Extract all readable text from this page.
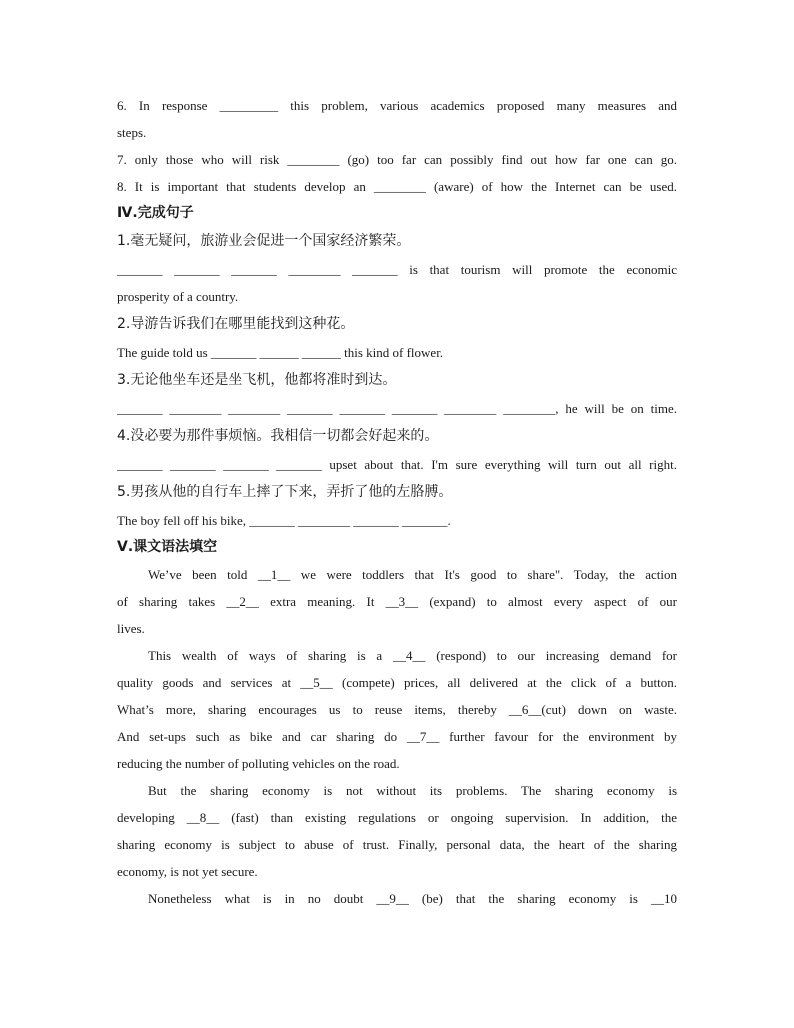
6. In response _________ this problem, various academics proposed many measures and
steps.
7. only those who will risk ________ (go) too far can possibly find out how far one can go.
8. It is important that students develop an ________ (aware) of how the Internet can be used.
Ⅳ.完成句子
1.毫无疑问，旅游业会促进一个国家经济繁荣。
_______ _______ _______ ________ _______ is that tourism will promote the economic
prosperity of a country.
2.导游告诉我们在哪里能找到这种花。
The guide told us _______ ______ ______ this kind of flower.
3.无论他坐车还是坐飞机，他都将准时到达。
_______ ________ ________ _______ _______ _______ ________ ________, he will be on time.
4.没必要为那件事烦恼。我相信一切都会好起来的。
_______ _______ _______ _______ upset about that. I'm sure everything will turn out all right.
5.男孩从他的自行车上摔了下来，弄折了他的左胳膊。
The boy fell off his bike, _______ ________ _______ _______.
Ⅴ.课文语法填空
We’ve been told __1__ we were toddlers that It's good to share". Today, the action
of sharing takes __2__ extra meaning. It __3__ (expand) to almost every aspect of our
lives.
This wealth of ways of sharing is a __4__ (respond) to our increasing demand for
quality goods and services at __5__ (compete) prices, all delivered at the click of a button.
What’s more, sharing encourages us to reuse items, thereby __6__(cut) down on waste.
And set-ups such as bike and car sharing do __7__ further favour for the environment by
reducing the number of polluting vehicles on the road.
But the sharing economy is not without its problems. The sharing economy is
developing __8__ (fast) than existing regulations or ongoing supervision. In addition, the
sharing economy is subject to abuse of trust. Finally, personal data, the heart of the sharing
economy, is not yet secure.
Nonetheless what is in no doubt __9__ (be) that the sharing economy is __10
